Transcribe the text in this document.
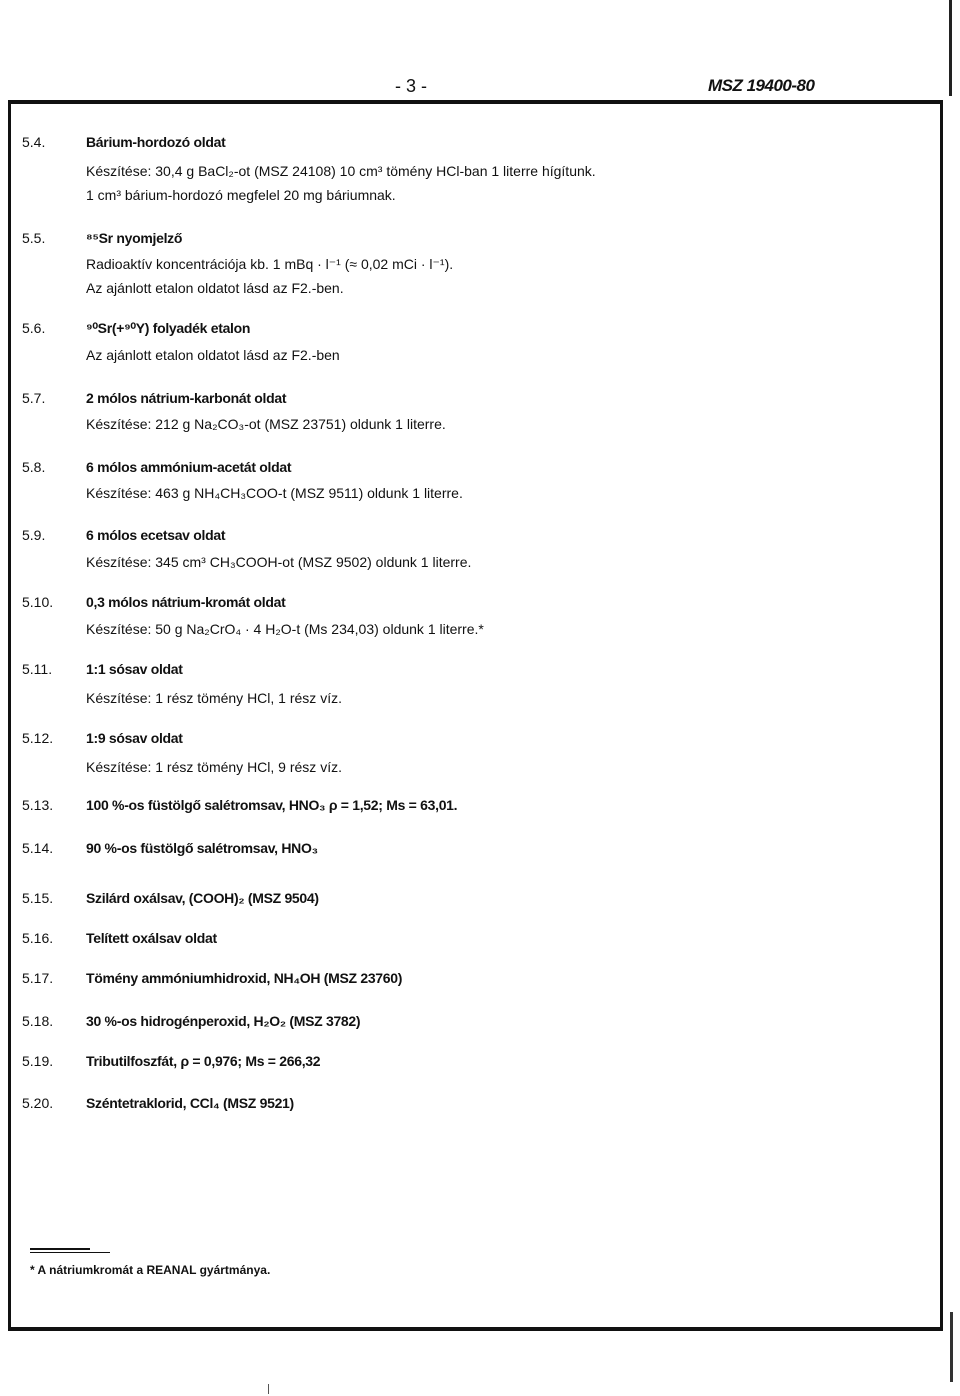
- 3 -	MSZ 19400-80
5.4.	Bárium-hordozó oldat
Készítése: 30,4 g BaCl₂-ot (MSZ 24108) 10 cm³ tömény HCl-ban 1 literre hígítunk.
1 cm³ bárium-hordozó megfelel 20 mg báriumnak.
5.5.	⁸⁵Sr nyomjelző
Radioaktív koncentrációja kb. 1 mBq · l⁻¹ (≈ 0,02 mCi · l⁻¹).
Az ajánlott etalon oldatot lásd az F2.-ben.
5.6.	⁹⁰Sr(+⁹⁰Y) folyadék etalon
Az ajánlott etalon oldatot lásd az F2.-ben
5.7.	2 mólos nátrium-karbonát oldat
Készítése: 212 g Na₂CO₃-ot (MSZ 23751) oldunk 1 literre.
5.8.	6 mólos ammónium-acetát oldat
Készítése: 463 g NH₄CH₃COO-t (MSZ 9511) oldunk 1 literre.
5.9.	6 mólos ecetsav oldat
Készítése: 345 cm³ CH₃COOH-ot (MSZ 9502) oldunk 1 literre.
5.10. 0,3 mólos nátrium-kromát oldat
Készítése: 50 g Na₂CrO₄ · 4 H₂O-t (Ms 234,03) oldunk 1 literre.*
5.11. 1:1 sósav oldat
Készítése: 1 rész tömény HCl, 1 rész víz.
5.12. 1:9 sósav oldat
Készítése: 1 rész tömény HCl, 9 rész víz.
5.13. 100 %-os füstölgő salétromsav, HNO₃ ρ = 1,52; Ms = 63,01.
5.14. 90 %-os füstölgő salétromsav, HNO₃
5.15. Szilárd oxálsav, (COOH)₂ (MSZ 9504)
5.16. Telített oxálsav oldat
5.17. Tömény ammóniumhidroxid, NH₄OH (MSZ 23760)
5.18. 30 %-os hidrogénperoxid, H₂O₂ (MSZ 3782)
5.19. Tributilfoszfát, ρ = 0,976; Ms = 266,32
5.20. Széntetraklorid, CCl₄ (MSZ 9521)
* A nátriumkromát a REANAL gyártmánya.
